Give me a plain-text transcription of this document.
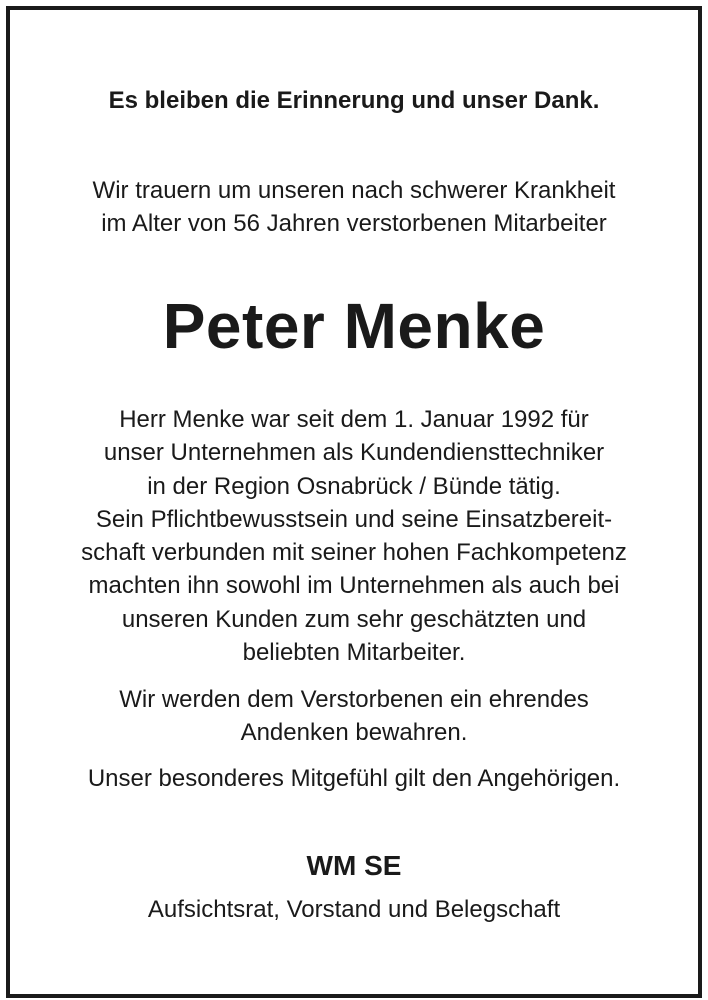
Es bleiben die Erinnerung und unser Dank.
Wir trauern um unseren nach schwerer Krankheit
im Alter von 56 Jahren verstorbenen Mitarbeiter
Peter Menke
Herr Menke war seit dem 1. Januar 1992 für
unser Unternehmen als Kundendiensttechniker
in der Region Osnabrück / Bünde tätig.
Sein Pflichtbewusstsein und seine Einsatzbereit-
schaft verbunden mit seiner hohen Fachkompetenz
machten ihn sowohl im Unternehmen als auch bei
unseren Kunden zum sehr geschätzten und
beliebten Mitarbeiter.
Wir werden dem Verstorbenen ein ehrendes
Andenken bewahren.
Unser besonderes Mitgefühl gilt den Angehörigen.
WM SE
Aufsichtsrat, Vorstand und Belegschaft
